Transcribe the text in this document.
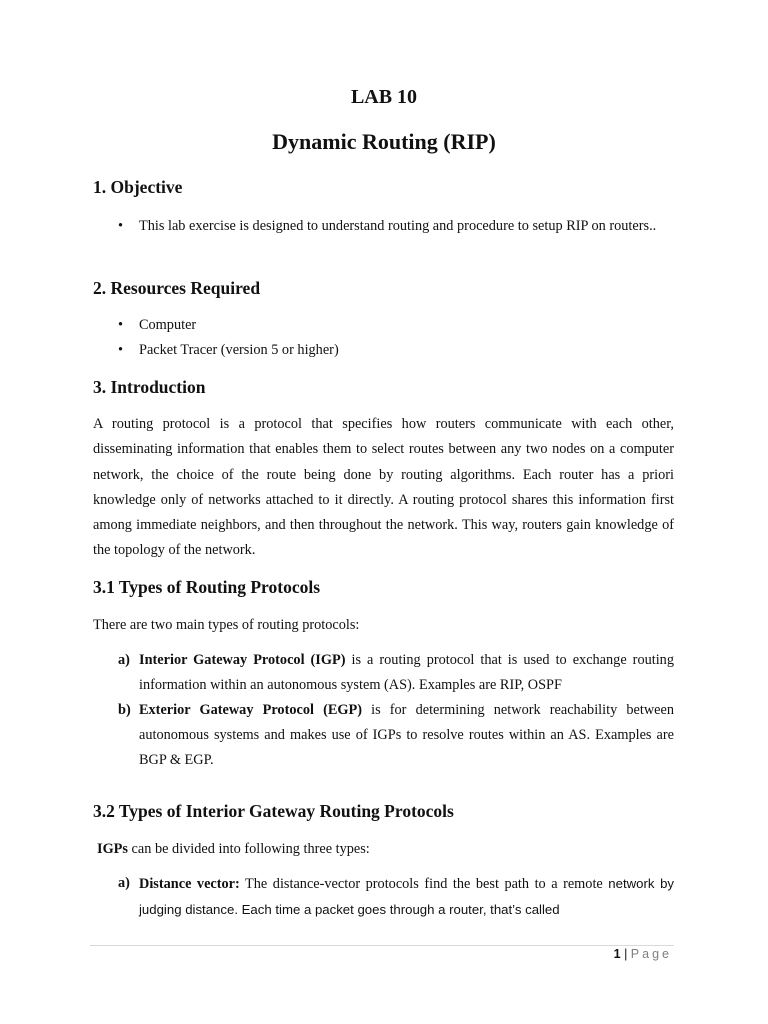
LAB 10
Dynamic Routing (RIP)
1. Objective
• This lab exercise is designed to understand routing and procedure to setup RIP on routers..
2. Resources Required
• Computer
• Packet Tracer (version 5 or higher)
3. Introduction

A routing protocol is a protocol that specifies how routers communicate with each other, disseminating information that enables them to select routes between any two nodes on a computer network, the choice of the route being done by routing algorithms. Each router has a priori knowledge only of networks attached to it directly. A routing protocol shares this information first among immediate neighbors, and then throughout the network. This way, routers gain knowledge of the topology of the network.

3.1 Types of Routing Protocols

There are two main types of routing protocols:

a) Interior Gateway Protocol (IGP) is a routing protocol that is used to exchange routing information within an autonomous system (AS). Examples are RIP, OSPF
b) Exterior Gateway Protocol (EGP) is for determining network reachability between autonomous systems and makes use of IGPs to resolve routes within an AS. Examples are BGP & EGP.
3.2 Types of Interior Gateway Routing Protocols

IGPs can be divided into following three types:

a) Distance vector: The distance-vector protocols find the best path to a remote network by judging distance. Each time a packet goes through a router, that’s called
1 | Page
